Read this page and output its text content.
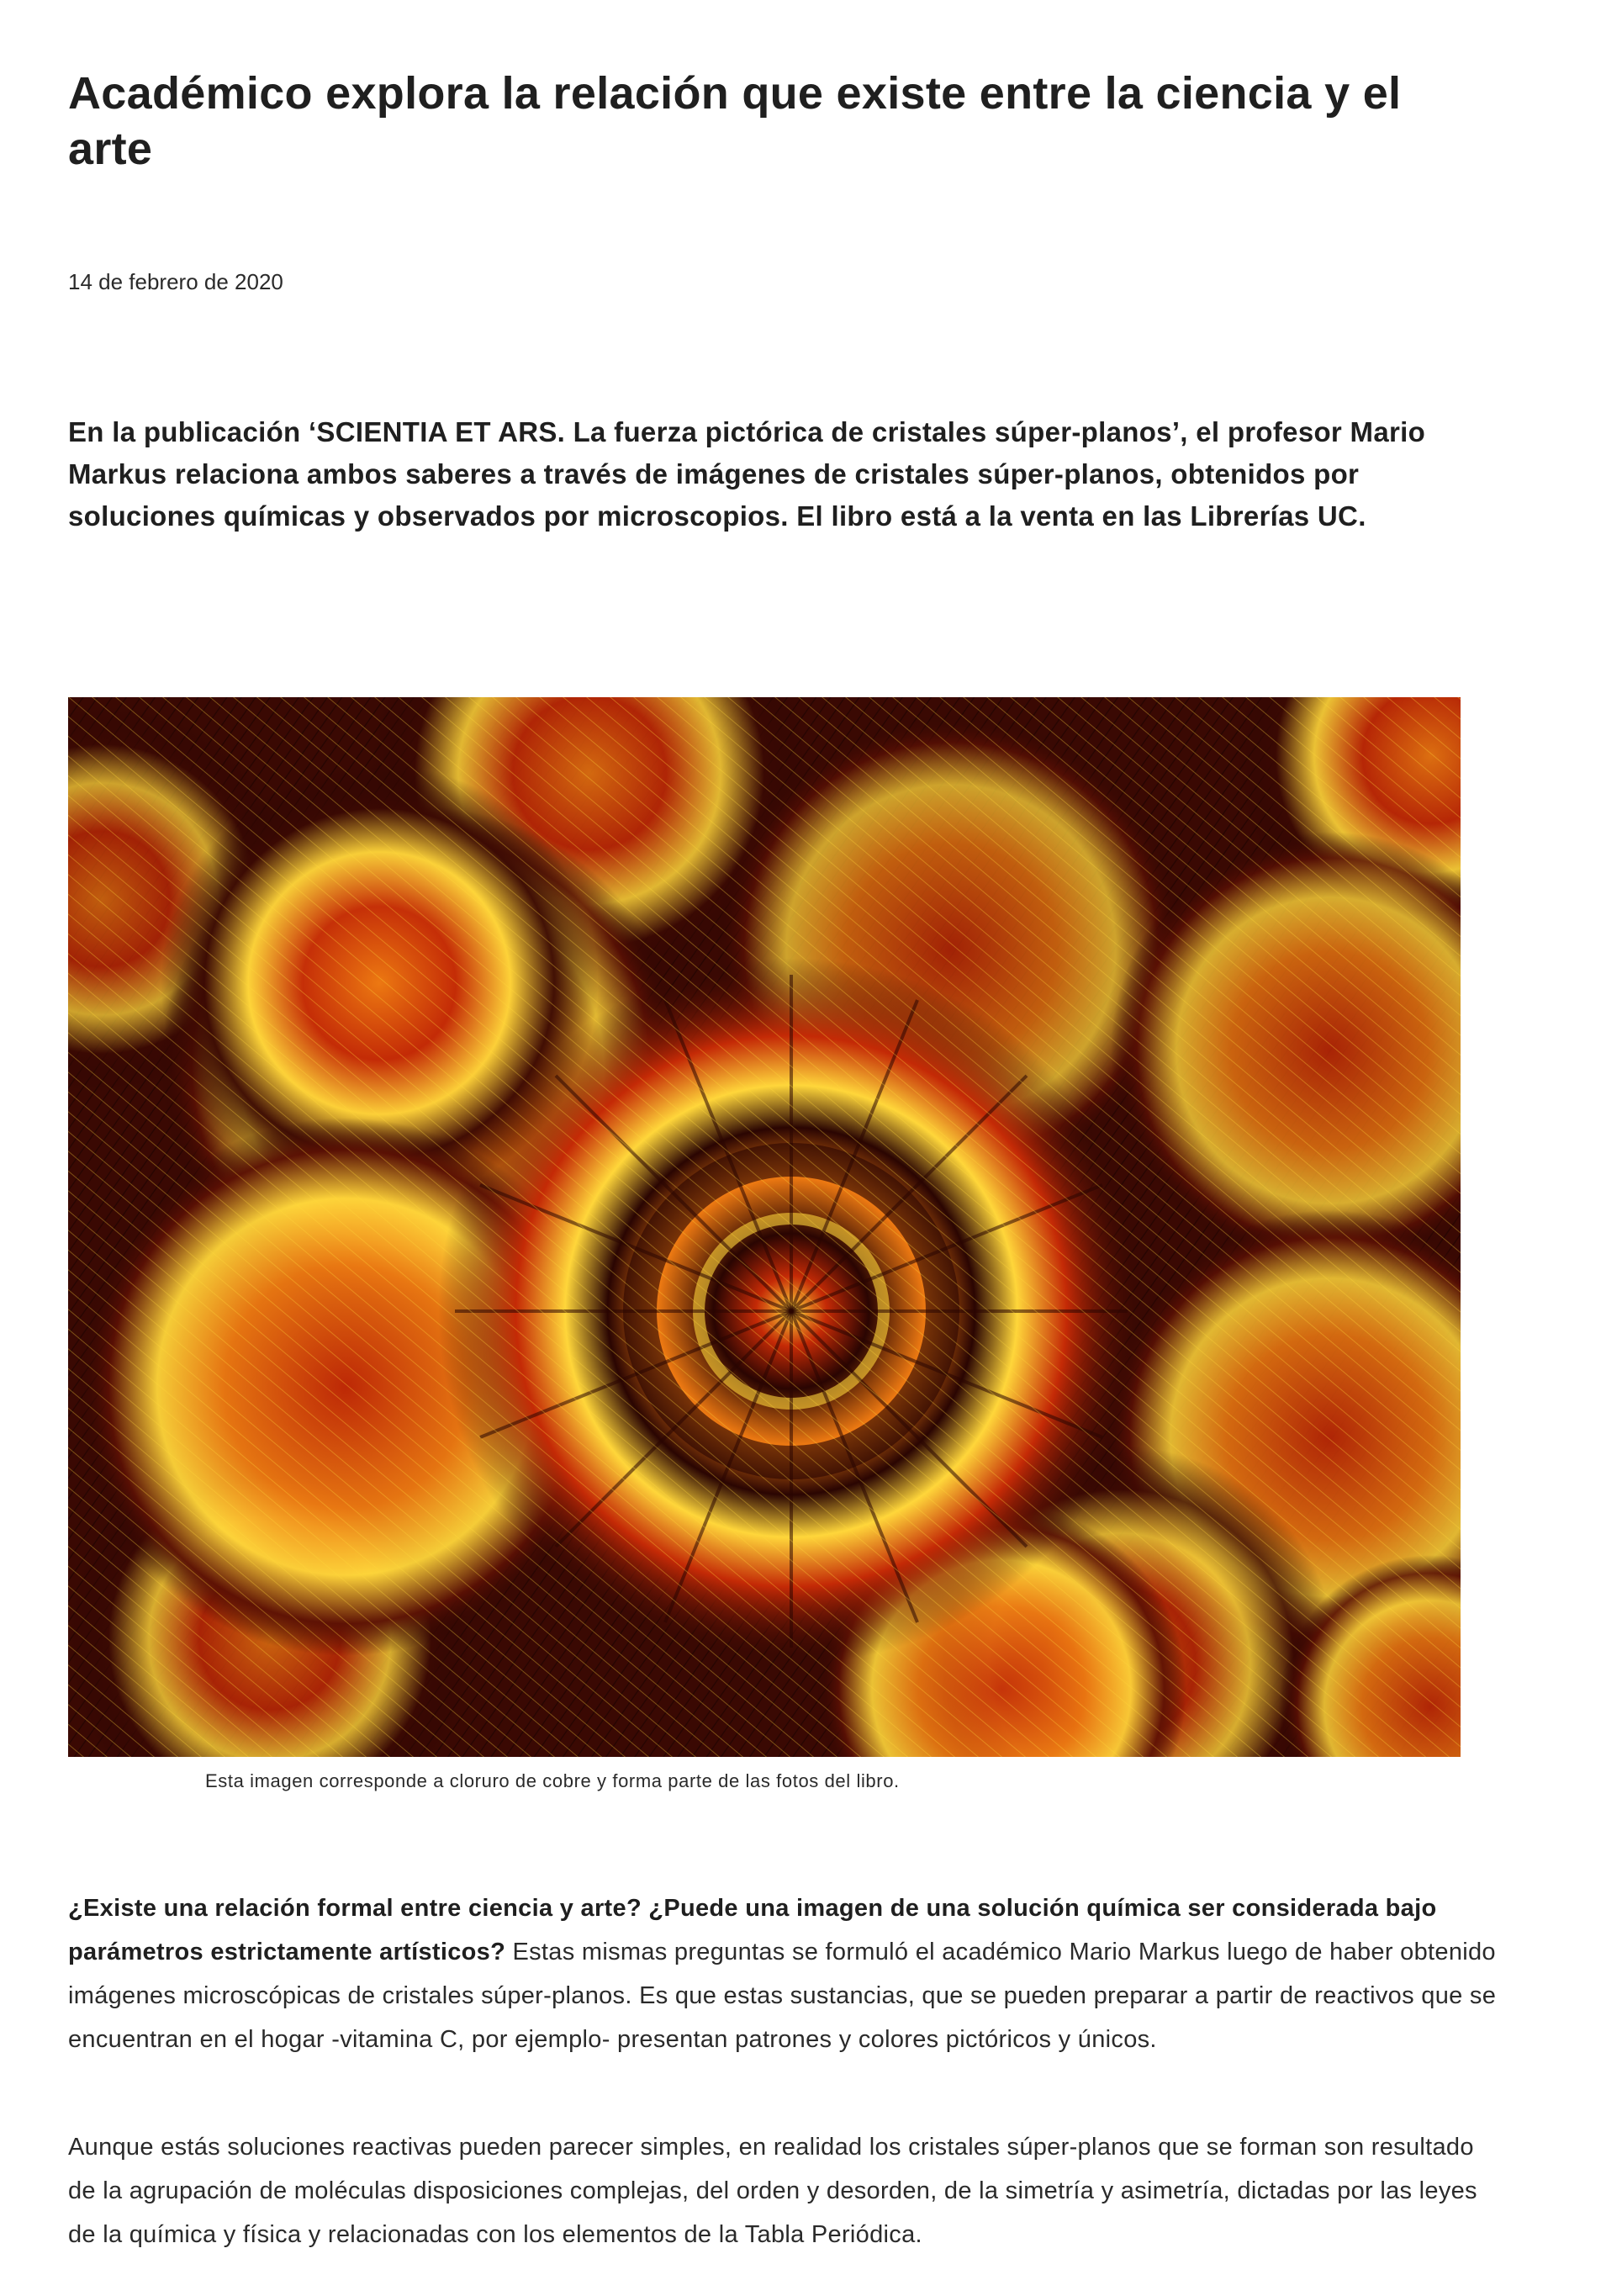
Académico explora la relación que existe entre la ciencia y el arte
14 de febrero de 2020

En la publicación ‘SCIENTIA ET ARS. La fuerza pictórica de cristales súper-planos’, el profesor Mario Markus relaciona ambos saberes a través de imágenes de cristales súper-planos, obtenidos por soluciones químicas y observados por microscopios. El libro está a la venta en las Librerías UC.

Esta imagen corresponde a cloruro de cobre y forma parte de las fotos del libro.

¿Existe una relación formal entre ciencia y arte? ¿Puede una imagen de una solución química ser considerada bajo parámetros estrictamente artísticos? Estas mismas preguntas se formuló el académico Mario Markus luego de haber obtenido imágenes microscópicas de cristales súper-planos. Es que estas sustancias, que se pueden preparar a partir de reactivos que se encuentran en el hogar -vitamina C, por ejemplo- presentan patrones y colores pictóricos y únicos.

Aunque estás soluciones reactivas pueden parecer simples, en realidad los cristales súper-planos que se forman son resultado de la agrupación de moléculas disposiciones complejas, del orden y desorden, de la simetría y asimetría, dictadas por las leyes de la química y física y relacionadas con los elementos de la Tabla Periódica.
